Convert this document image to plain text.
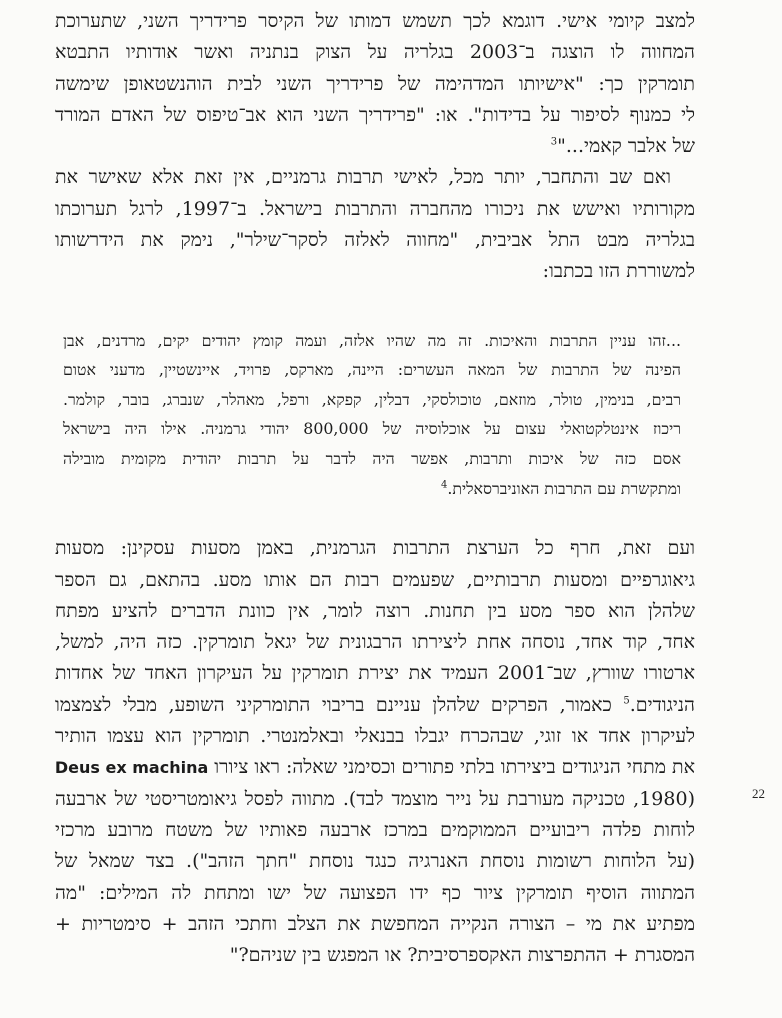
למצב קיומי אישי. דוגמא לכך תשמש דמותו של הקיסר פרידריך השני, שתערוכת
המחווה לו הוצגה ב־2003 בגלריה על הצוק בנתניה ואשר אודותיו התבטא
תומרקין כך: "אישיותו המדהימה של פרידריך השני לבית הוהנשטאופן שימשה
לי כמנוף לסיפור על בדידות". או: "פרידריך השני הוא אב־טיפוס של האדם המורד
של אלבר קאמי..."$^3$

ואם שב והתחבר, יותר מכל, לאישי תרבות גרמניים, אין זאת אלא שאישר את

מקורותיו ואישש את ניכורו מהחברה והתרבות בישראל. ב־1997, לרגל תערוכתו
בגלריה מבט התל אביבית, "מחווה לאלזה לסקר־שילר", נימק את הידרשותו
למשוררת הזו בכתבו:

...זהו עניין התרבות והאיכות. זה מה שהיו אלזה, ועמה קומץ יהודים יקים, מרדנים, אבן
הפינה של התרבות של המאה העשרים: היינה, מארקס, פרויד, איינשטיין, מדעני אטום
רבים, בנימין, טולר, מוזאם, טוכולסקי, דבלין, קפקא, ורפל, מאהלר, שנברג, בובר, קולמר.
ריכוז אינטלקטואלי עצום על אוכלוסיה של 800,000 יהודי גרמניה. אילו היה בישראל
אסם כזה של איכות ותרבות, אפשר היה לדבר על תרבות יהודית מקומית מובילה
ומתקשרת עם התרבות האוניברסאלית.$^4$

ועם זאת, חרף כל הערצת התרבות הגרמנית, באמן מסעות עסקינן: מסעות
גיאוגרפיים ומסעות תרבותיים, שפעמים רבות הם אותו מסע. בהתאם, גם הספר
שלהלן הוא ספר מסע בין תחנות. רוצה לומר, אין כוונת הדברים להציע מפתח
אחד, קוד אחד, נוסחה אחת ליצירתו הרבגונית של יגאל תומרקין. כזה היה, למשל,
ארטורו שוורץ, שב־2001 העמיד את יצירת תומרקין על העיקרון האחד של אחדות
הניגודים.$^5$ כאמור, הפרקים שלהלן עניינם בריבוי התומרקיני השופע, מבלי לצמצמו
לעיקרון אחד או זוגי, שבהכרח יגבלו בבנאלי ובאלמנטרי. תומרקין הוא עצמו הותיר
את מתחי הניגודים ביצירתו בלתי פתורים וכסימני שאלה: ראו ציורו Deus ex machina
(1980, טכניקה מעורבת על נייר מוצמד לבד). מתווה לפסל גיאומטריסטי של ארבעה
לוחות פלדה ריבועיים הממוקמים במרכז ארבעה פאותיו של משטח מרובע מרכזי
(על הלוחות רשומות נוסחת האנרגיה כנגד נוסחת "חתך הזהב"). בצד שמאל של
המתווה הוסיף תומרקין ציור כף ידו הפצועה של ישו ומתחת לה המילים: "מה
מפתיע את מי – הצורה הנקייה המחפשת את הצלב וחתכי הזהב + סימטריות +
המסגרת + ההתפרצות האקספרסיבית? או המפגש בין שניהם?"

22
